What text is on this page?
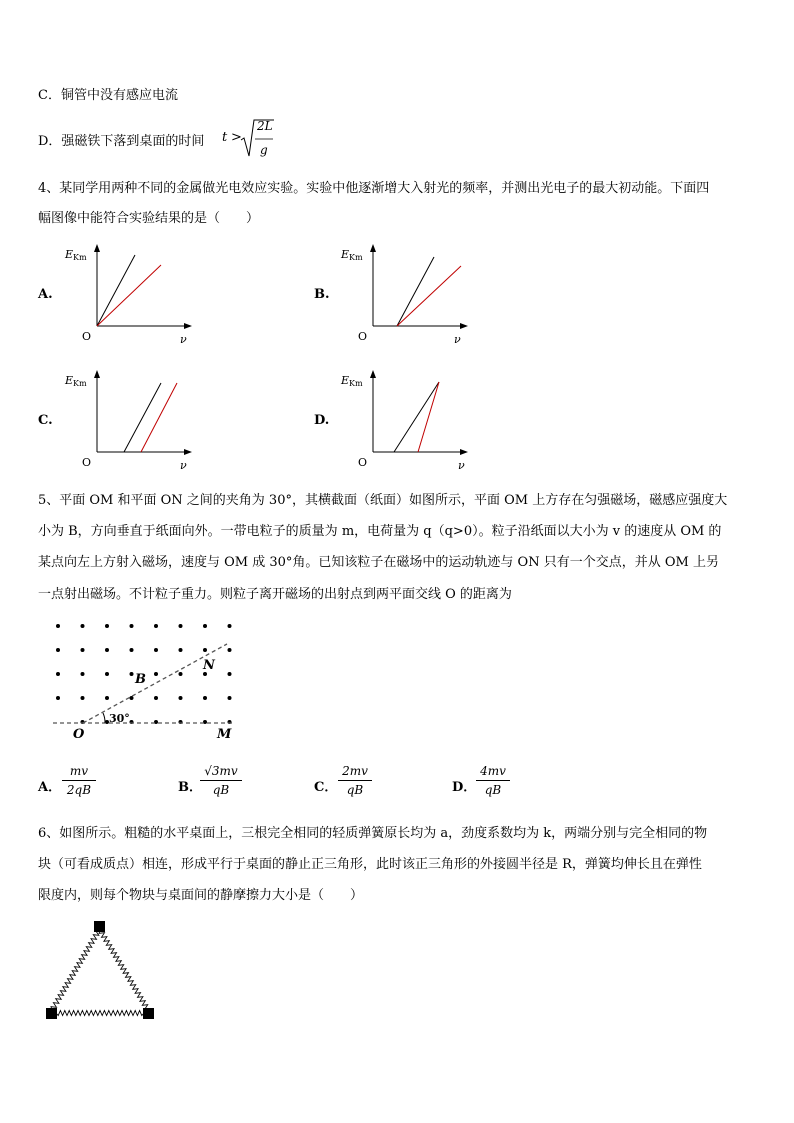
C．铜管中没有感应电流
D．强磁铁下落到桌面的时间 t >
2L
g
4、某同学用两种不同的金属做光电效应实验。实验中他逐渐增大入射光的频率，并测出光电子的最大初动能。下面四
幅图像中能符合实验结果的是（　　）
A.	B.
C.	D.
E Km
O	ν
E Km
O	ν
E Km
O	ν
E Km
O	ν
5、平面 OM 和平面 ON 之间的夹角为 30°，其横截面（纸面）如图所示，平面 OM 上方存在匀强磁场，磁感应强度大
小为 B，方向垂直于纸面向外。一带电粒子的质量为 m，电荷量为 q（q>0）。粒子沿纸面以大小为 v 的速度从 OM 的
某点向左上方射入磁场，速度与 OM 成 30°角。已知该粒子在磁场中的运动轨迹与 ON 只有一个交点，并从 OM 上另
一点射出磁场。不计粒子重力。则粒子离开磁场的出射点到两平面交线 O 的距离为
N
B
30°
O	M
A．
mv
2qB	B．
√3mv
qB	C．
2mv
qB	D．
4mv
qB
6、如图所示。粗糙的水平桌面上，三根完全相同的轻质弹簧原长均为 a，劲度系数均为 k，两端分别与完全相同的物
块（可看成质点）相连，形成平行于桌面的静止正三角形，此时该正三角形的外接圆半径是 R，弹簧均伸长且在弹性
限度内，则每个物块与桌面间的静摩擦力大小是（　　）
